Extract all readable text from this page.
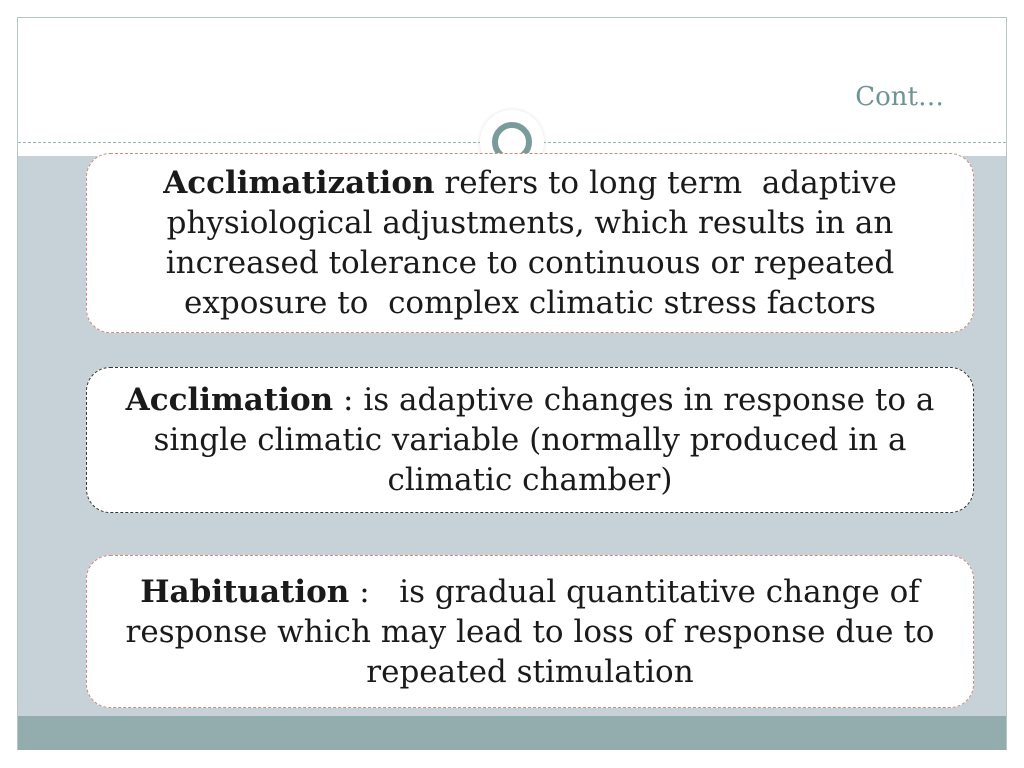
Cont…
Acclimatization refers to long term  adaptive physiological adjustments, which results in an increased tolerance to continuous or repeated exposure to  complex climatic stress factors
Acclimation : is adaptive changes in response to a single climatic variable (normally produced in a climatic chamber)
Habituation :   is gradual quantitative change of response which may lead to loss of response due to repeated stimulation
